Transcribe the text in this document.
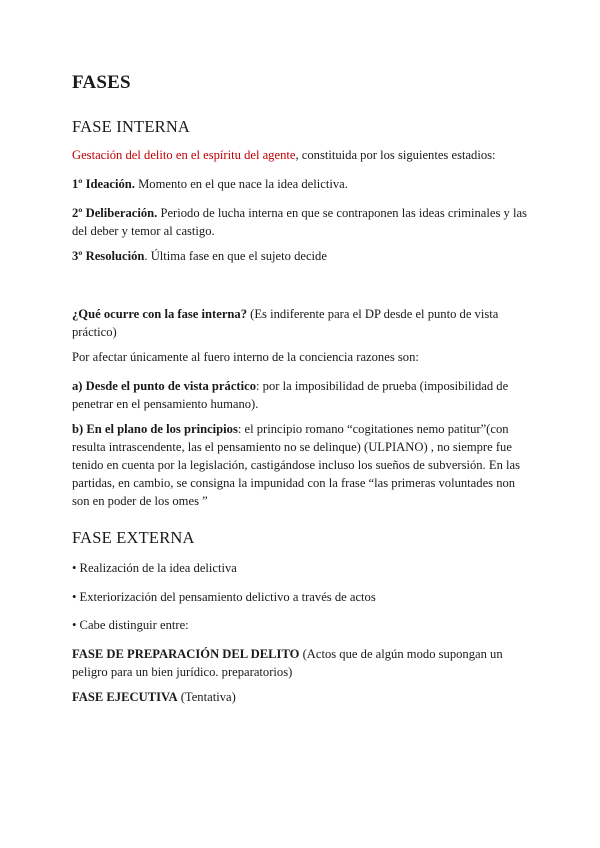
FASES
FASE INTERNA

Gestación del delito en el espíritu del agente, constituida por los siguientes estadios:

1º Ideación. Momento en el que nace la idea delictiva.

2º Deliberación. Periodo de lucha interna en que se contraponen las ideas criminales y las del deber y temor al castigo.

3º Resolución. Última fase en que el sujeto decide

¿Qué ocurre con la fase interna? (Es indiferente para el DP desde el punto de vista práctico)

Por afectar únicamente al fuero interno de la conciencia razones son:

a) Desde el punto de vista práctico: por la imposibilidad de prueba (imposibilidad de penetrar en el pensamiento humano).

b) En el plano de los principios: el principio romano “cogitationes nemo patitur”(con resulta intrascendente, las el pensamiento no se delinque) (ULPIANO) , no siempre fue tenido en cuenta por la legislación, castigándose incluso los sueños de subversión. En las partidas, en cambio, se consigna la impunidad con la frase “las primeras voluntades non son en poder de los omes ”

FASE EXTERNA

• Realización de la idea delictiva

• Exteriorización del pensamiento delictivo a través de actos

• Cabe distinguir entre:

FASE DE PREPARACIÓN DEL DELITO (Actos que de algún modo supongan un peligro para un bien jurídico. preparatorios)

FASE EJECUTIVA (Tentativa)
